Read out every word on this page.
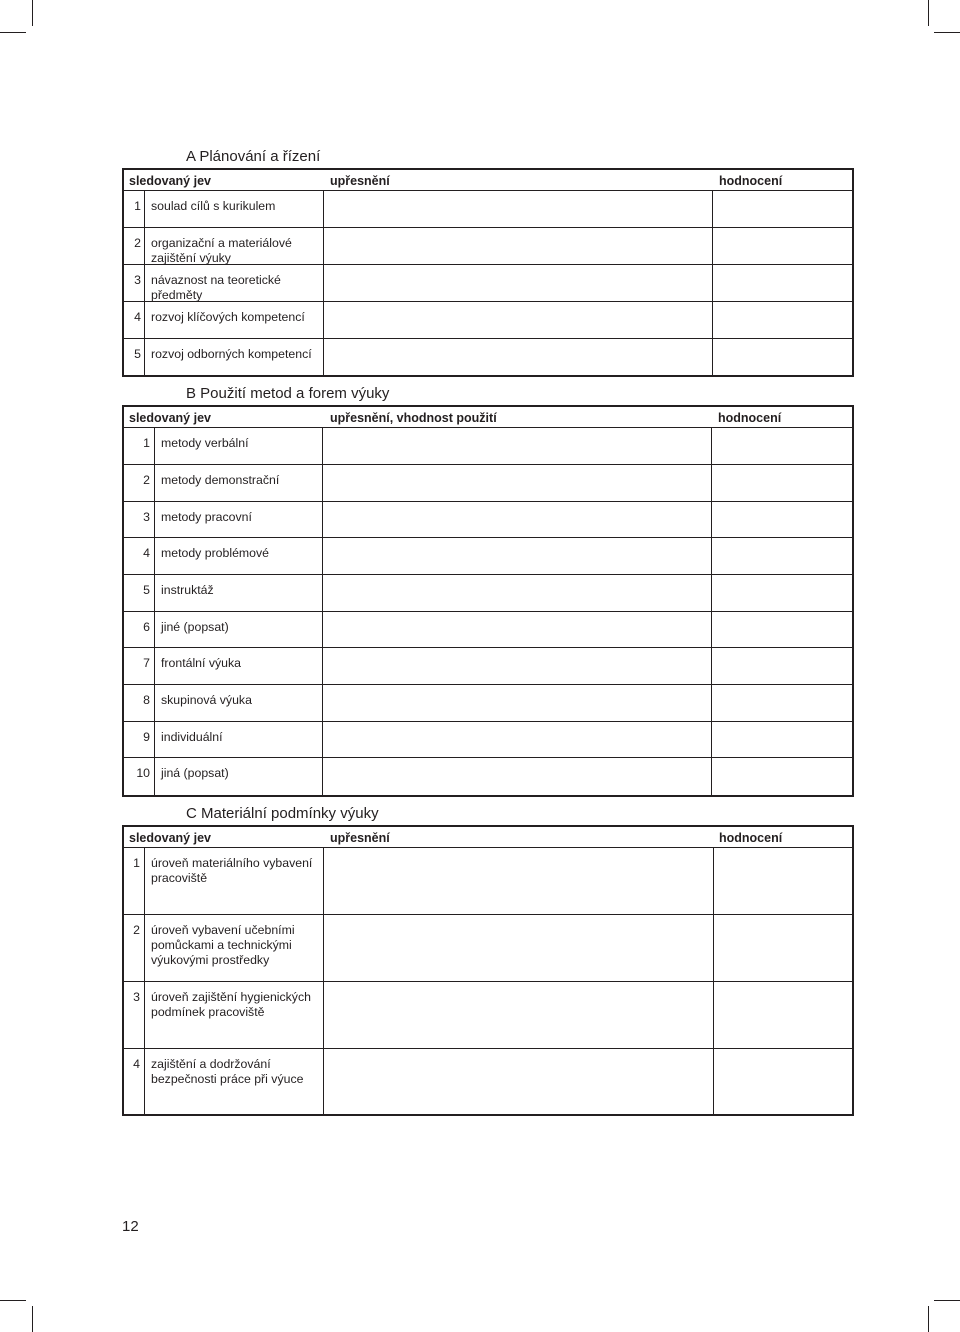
A Plánování a řízení
sledovaný jev	upřesnění	hodnocení
1 soulad cílů s kurikulem
2 organizační a materiálové
zajištění výuky
3 návaznost na teoretické
předměty
4 rozvoj klíčových kompetencí
5 rozvoj odborných kompetencí
B Použití metod a forem výuky
sledovaný jev	upřesnění, vhodnost použití	hodnocení
1 metody verbální
2 metody demonstrační
3 metody pracovní
4 metody problémové
5 instruktáž
6 jiné (popsat)
7 frontální výuka
8 skupinová výuka
9 individuální
10 jiná (popsat)
C Materiální podmínky výuky
sledovaný jev	upřesnění	hodnocení
1 úroveň materiálního vybavení
pracoviště
2 úroveň vybavení učebními
pomůckami a technickými
výukovými prostředky
3 úroveň zajištění hygienických
podmínek pracoviště
4 zajištění a dodržování
bezpečnosti práce při výuce
12
